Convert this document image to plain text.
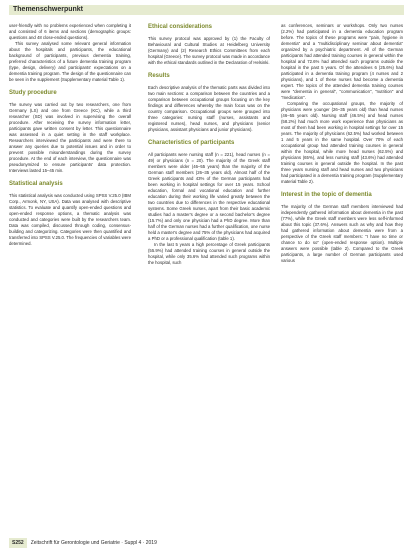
Themenschwerpunkt

user-friendly with no problems experienced when completing it and consisted of 6 items and sections (demographic groups: questions and 48 close-ended questions).

This survey analysed some relevant general information about the hospitals and participants, the educational background of participants, previous dementia training, preferred characteristics of a future dementia training program (type, design, delivery) and participants' expectations on a dementia training program. The design of the questionnaire can be seen in the supplement (Supplementary material Table 1).

Study procedure

The survey was carried out by two researchers, one from Germany (LS) and one from Greece (KC), while a third researcher (SD) was involved in supervising the overall procedure. After receiving the survey information letter, participants gave written consent by letter. This questionnaire was assessed in a quiet setting in the staff workplace. Researchers interviewed the participants and were there to answer any queries due to potential issues and in order to prevent possible misunderstandings during the survey procedure. At the end of each interview, the questionnaire was pseudonymized to ensure participants' data protection. Interviews lasted 15–45 min.

Statistical analysis

This statistical analysis was conducted using SPSS V.25.0 (IBM Corp., Armonk, NY, USA). Data was analysed with descriptive statistics. To evaluate and quantify open-ended questions and open-ended response options, a thematic analysis was conducted and categories were built by the researchers team. Data was compiled, discussed through coding, consensus-building and categorizing. Categories were then quantified and transferred into SPSS V.25.0. The frequencies of variables were determined.

Ethical considerations

This survey protocol was approved by (1) the Faculty of Behavioural and Cultural Studies at Heidelberg University (Germany) and (2) Research Ethics Committees from each hospital (Greece). The survey protocol was made in accordance with the ethical standards outlined in the Declaration of Helsinki.

Results

Each descriptive analysis of the thematic parts was divided into two main sections: a comparison between the countries and a comparison between occupational groups focusing on the key findings and differences whereby the main focus was on the country comparison. Occupational groups were grouped into three categories: nursing staff (nurses, assistants and registered nurses), head nurses, and physicians (senior physicians, assistant physicians and junior physicians).

Characteristics of participants

All participants were nursing staff (n = 221), head nurses (n = 49) or physicians (n = 20). The majority of the Greek staff members were older (46–55 years) than the majority of the German staff members (26–35 years old). Almost half of the Greek participants and 43% of the German participants had been working in hospital settings for over 15 years. School education, formal and vocational education and further education during their working life varied greatly between the two countries due to differences in the respective educational systems. Some Greek nurses, apart from their basic academic studies had a master's degree or a second bachelor's degree (15.7%) and only one physician had a PhD degree. More than half of the German nurses had a further qualification, one nurse held a master's degree and 75% of the physicians had acquired a PhD or a professional qualification (table 1).

In the last 5 years a high percentage of Greek participants (55.9%) had attended training courses in general outside the hospital, while only 35.6% had attended such programs within the hospital, such

as conferences, seminars or workshops. Only two nurses (2.2%) had participated in a dementia education program before. The topics of these programs were "pain, hygiene in dementia" and a "multidisciplinary seminar about dementia" organized by a psychiatric department. All of the German participants had attended training courses in general within the hospital and 72.6% had attended such programs outside the hospital in the past 5 years. Of the attendees 6 (25.6%) had participated in a dementia training program (4 nurses and 2 physicians), and 1 of these nurses had become a dementia expert. The topics of the attended dementia training courses were "dementia in general", "communication", "nutrition" and "medication".

Comparing the occupational groups, the majority of physicians were younger (26–35 years old) than head nurses (46–55 years old). Nursing staff (46.5%) and head nurses (58.2%) had much more work experience than physicians as most of them had been working in hospital settings for over 15 years. The majority of physicians (62.5%) had worked between 1 and 5 years in the same hospital. Over 70% of each occupational group had attended training courses in general within the hospital, while more head nurses (62.5%) and physicians (65%), and less nursing staff (43.6%) had attended training courses in general outside the hospital. In the past three years nursing staff and head nurses and two physicians had participated in a dementia training program (Supplementary material Table 2).

Interest in the topic of dementia

The majority of the German staff members interviewed had independently gathered information about dementia in the past (77%), while the Greek staff members were less self-informed about this topic (37.6%). Answers such as why and how they had gathered information about dementia were from a perspective of the Greek staff members: "I have no time or chance to do so" (open-ended response option). Multiple answers were possible (table 2). Compared to the Greek participants, a large number of German participants used various

S252 Zeitschrift für Gerontologie und Geriatrie · Suppl 4 · 2019
